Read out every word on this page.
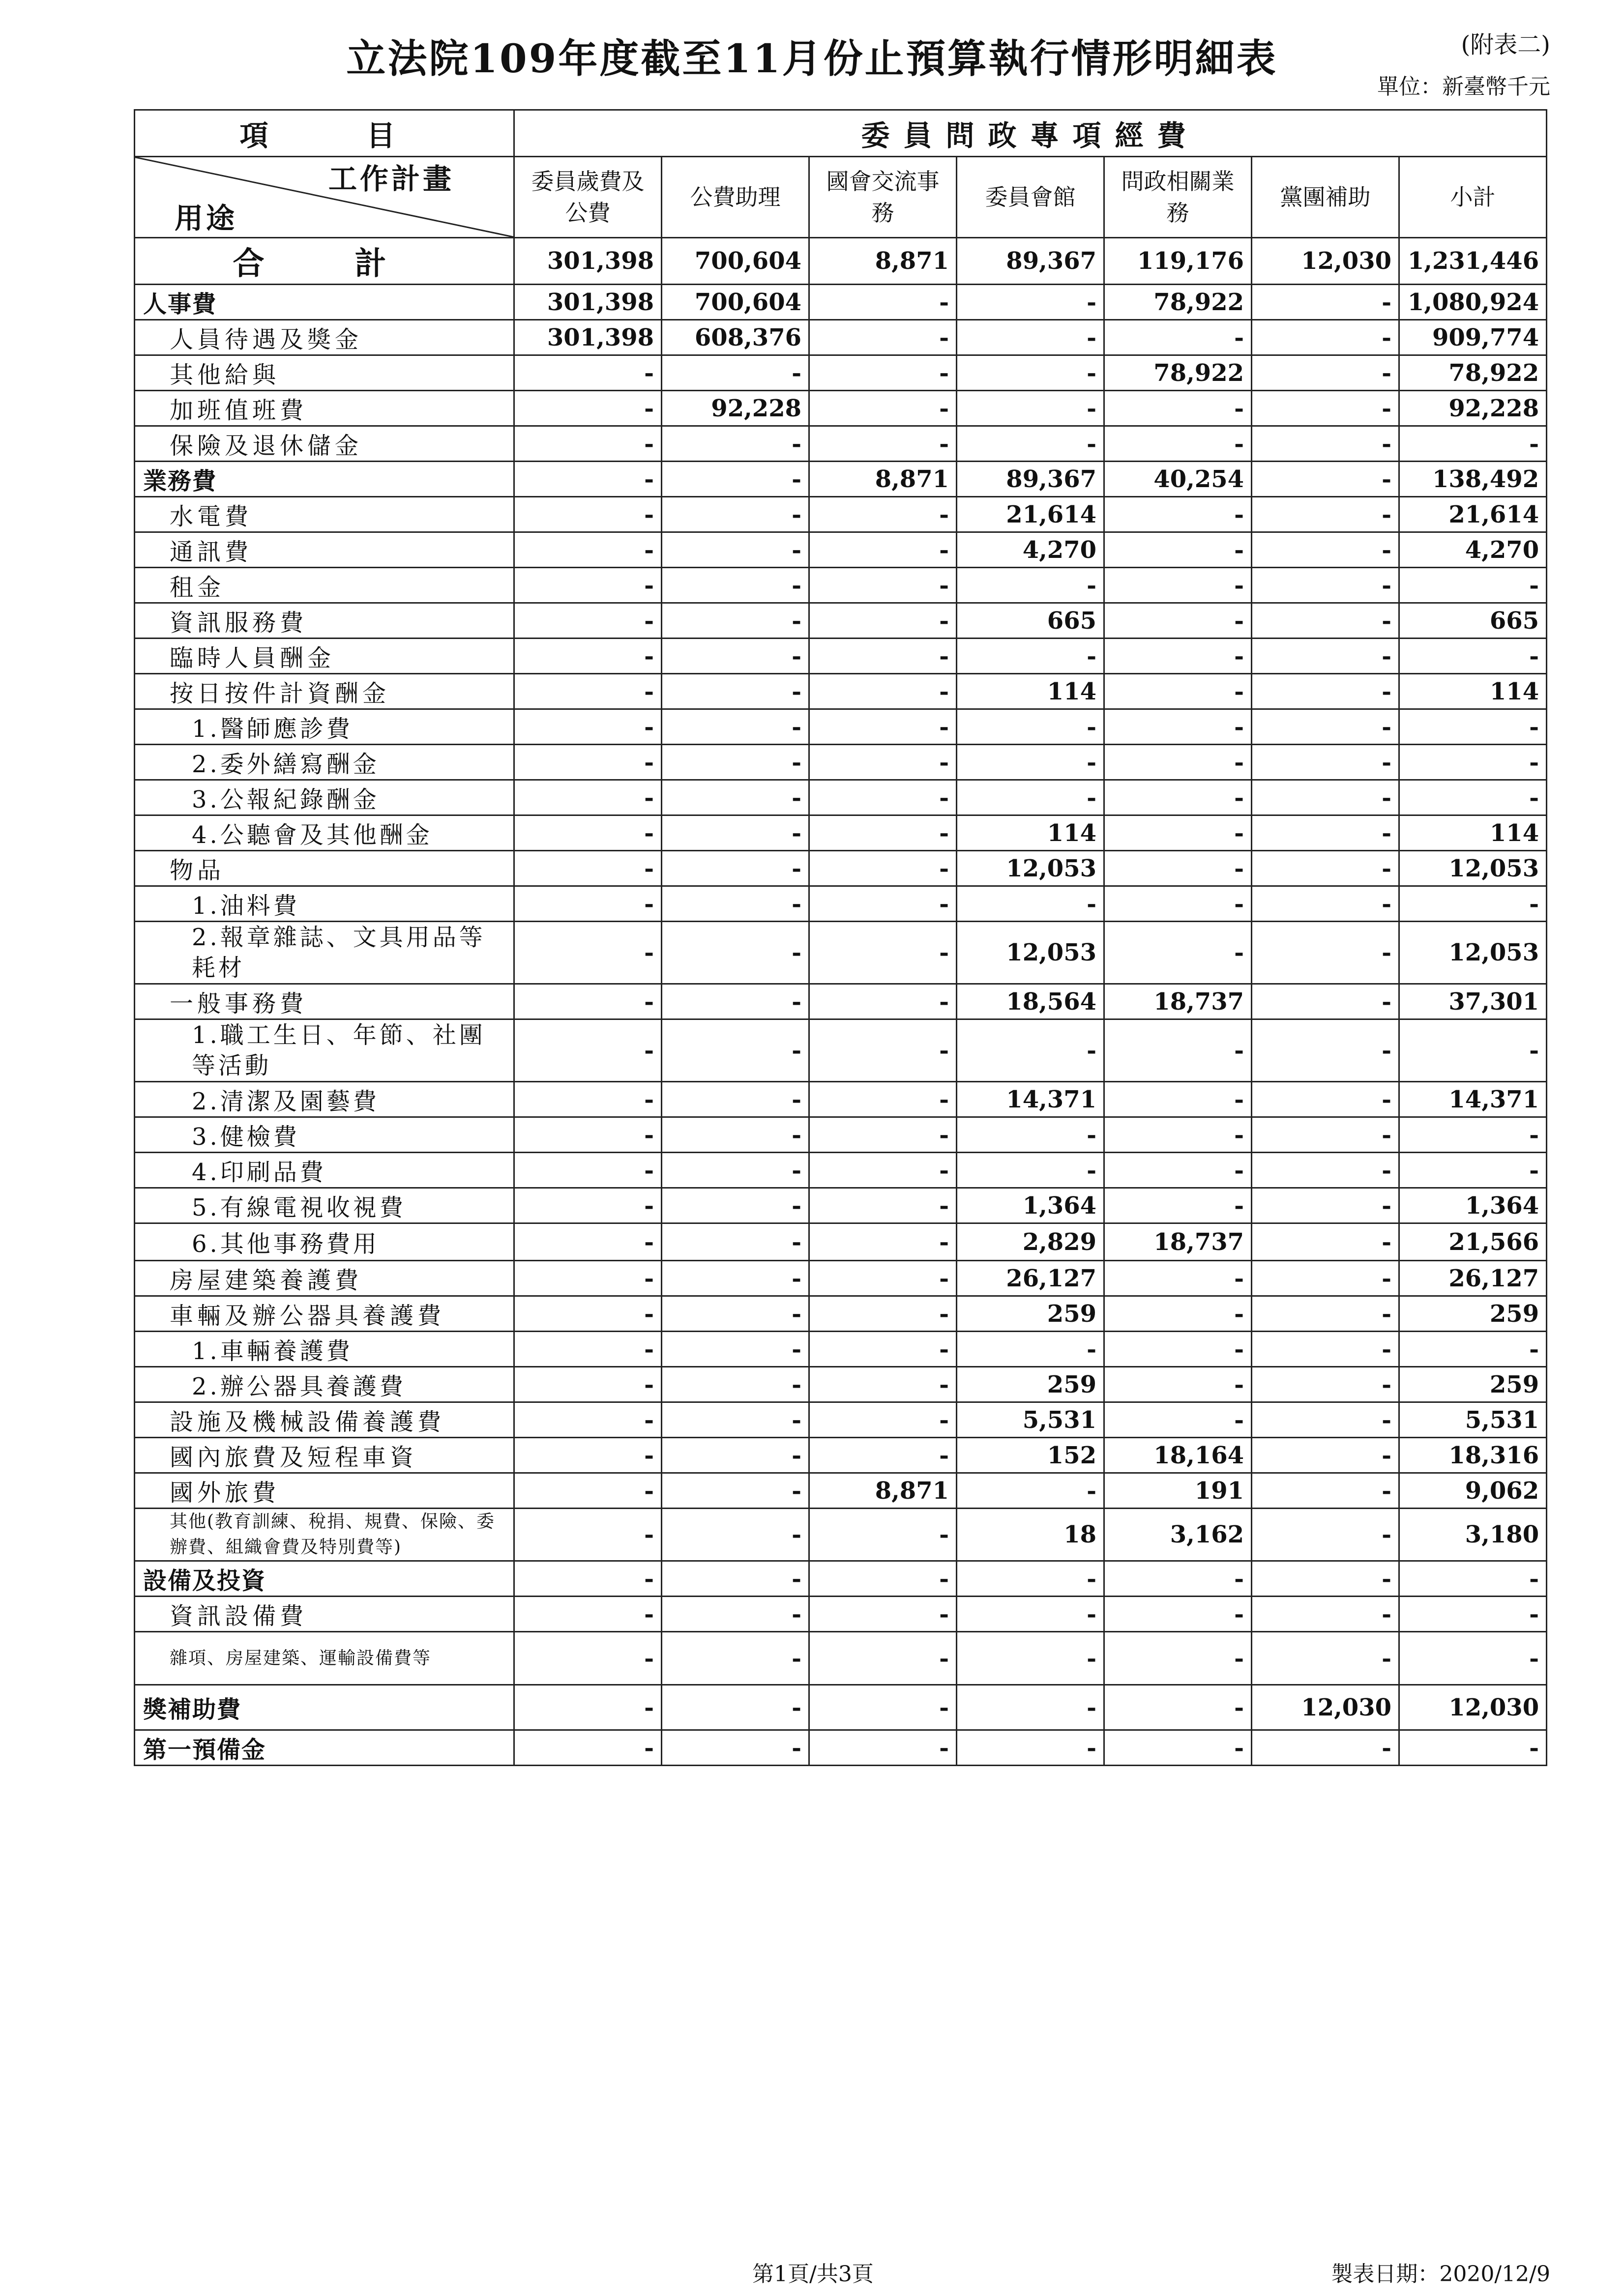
立法院109年度截至11月份止預算執行情形明細表	(附表二)
單位：新臺幣千元
項　　目	委員問政專項經費						

工作計畫
用途	委員歲費及公費	公費助理	國會交流事務	委員會館	問政相關業務	黨團補助	小計
合　計	301,398	700,604	8,871	89,367	119,176	12,030	1,231,446
人事費	301,398	700,604	-	-	78,922	-	1,080,924
人員待遇及獎金	301,398	608,376	-	-	-	-	909,774
其他給與	-	-	-	-	78,922	-	78,922
加班值班費	-	92,228	-	-	-	-	92,228
保險及退休儲金	-	-	-	-	-	-	-
業務費	-	-	8,871	89,367	40,254	-	138,492
水電費	-	-	-	21,614	-	-	21,614
通訊費	-	-	-	4,270	-	-	4,270
租金	-	-	-	-	-	-	-
資訊服務費	-	-	-	665	-	-	665
臨時人員酬金	-	-	-	-	-	-	-
按日按件計資酬金	-	-	-	114	-	-	114
1.醫師應診費	-	-	-	-	-	-	-
2.委外繕寫酬金	-	-	-	-	-	-	-
3.公報紀錄酬金	-	-	-	-	-	-	-
4.公聽會及其他酬金	-	-	-	114	-	-	114
物品	-	-	-	12,053	-	-	12,053
1.油料費	-	-	-	-	-	-	-
2.報章雜誌、文具用品等耗材	-	-	-	12,053	-	-	12,053
一般事務費	-	-	-	18,564	18,737	-	37,301
1.職工生日、年節、社團等活動	-	-	-	-	-	-	-
2.清潔及園藝費	-	-	-	14,371	-	-	14,371
3.健檢費	-	-	-	-	-	-	-
4.印刷品費	-	-	-	-	-	-	-
5.有線電視收視費	-	-	-	1,364	-	-	1,364
6.其他事務費用	-	-	-	2,829	18,737	-	21,566
房屋建築養護費	-	-	-	26,127	-	-	26,127
車輛及辦公器具養護費	-	-	-	259	-	-	259
1.車輛養護費	-	-	-	-	-	-	-
2.辦公器具養護費	-	-	-	259	-	-	259
設施及機械設備養護費	-	-	-	5,531	-	-	5,531
國內旅費及短程車資	-	-	-	152	18,164	-	18,316
國外旅費	-	-	8,871	-	191	-	9,062
其他(教育訓練、稅捐、規費、保險、委辦費、組織會費及特別費等)	-	-	-	18	3,162	-	3,180
設備及投資	-	-	-	-	-	-	-
資訊設備費	-	-	-	-	-	-	-
雜項、房屋建築、運輸設備費等	-	-	-	-	-	-	-
獎補助費	-	-	-	-	-	12,030	12,030
第一預備金	-	-	-	-	-	-	-
第1頁/共3頁	製表日期：2020/12/9
